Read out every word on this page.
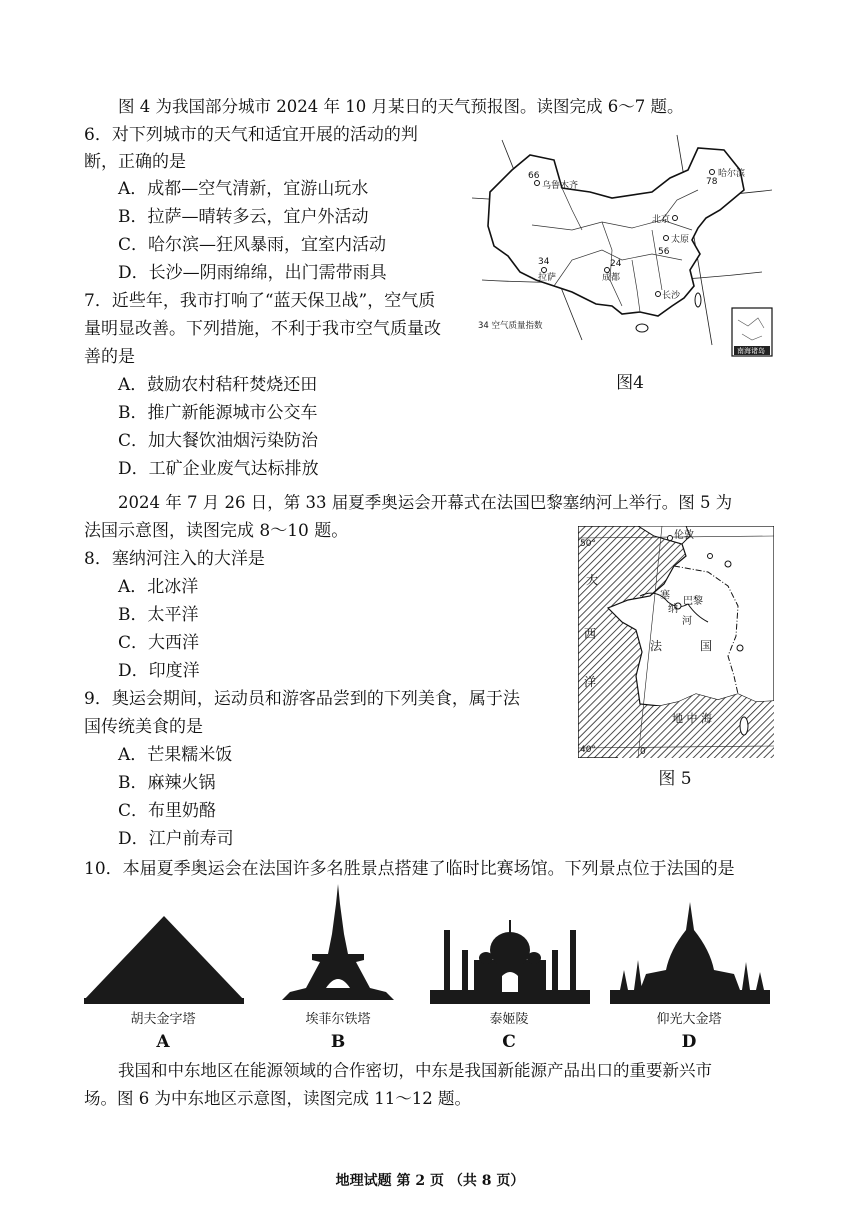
图 4 为我国部分城市 2024 年 10 月某日的天气预报图。读图完成 6～7 题。
6．对下列城市的天气和适宜开展的活动的判
断，正确的是
A．成都—空气清新，宜游山玩水
B．拉萨—晴转多云，宜户外活动
C．哈尔滨—狂风暴雨，宜室内活动
D．长沙—阴雨绵绵，出门需带雨具
7．近些年，我市打响了“蓝天保卫战”，空气质
量明显改善。下列措施，不利于我市空气质量改
善的是
A．鼓励农村秸秆焚烧还田
B．推广新能源城市公交车
C．加大餐饮油烟污染防治
D．工矿企业废气达标排放
66
乌鲁木齐
哈尔滨
78
北京
太原
56
34
拉萨
24
成都
长沙
34 空气质量指数
南海诸岛
图4
2024 年 7 月 26 日，第 33 届夏季奥运会开幕式在法国巴黎塞纳河上举行。图 5 为
法国示意图，读图完成 8～10 题。
8．塞纳河注入的大洋是
A．北冰洋
B．太平洋
C．大西洋
D．印度洋
9．奥运会期间，运动员和游客品尝到的下列美食，属于法
国传统美食的是
A．芒果糯米饭
B．麻辣火锅
C．布里奶酪
D．江户前寿司
伦敦
巴黎
塞
纳
河
大
西
洋
法	国
地 中 海
50°
40°	0
图 5
10．本届夏季奥运会在法国许多名胜景点搭建了临时比赛场馆。下列景点位于法国的是
胡夫金字塔	埃菲尔铁塔	泰姬陵	仰光大金塔
A	B	C	D
我国和中东地区在能源领域的合作密切，中东是我国新能源产品出口的重要新兴市
场。图 6 为中东地区示意图，读图完成 11～12 题。
地理试题 第 2 页 （共 8 页）
